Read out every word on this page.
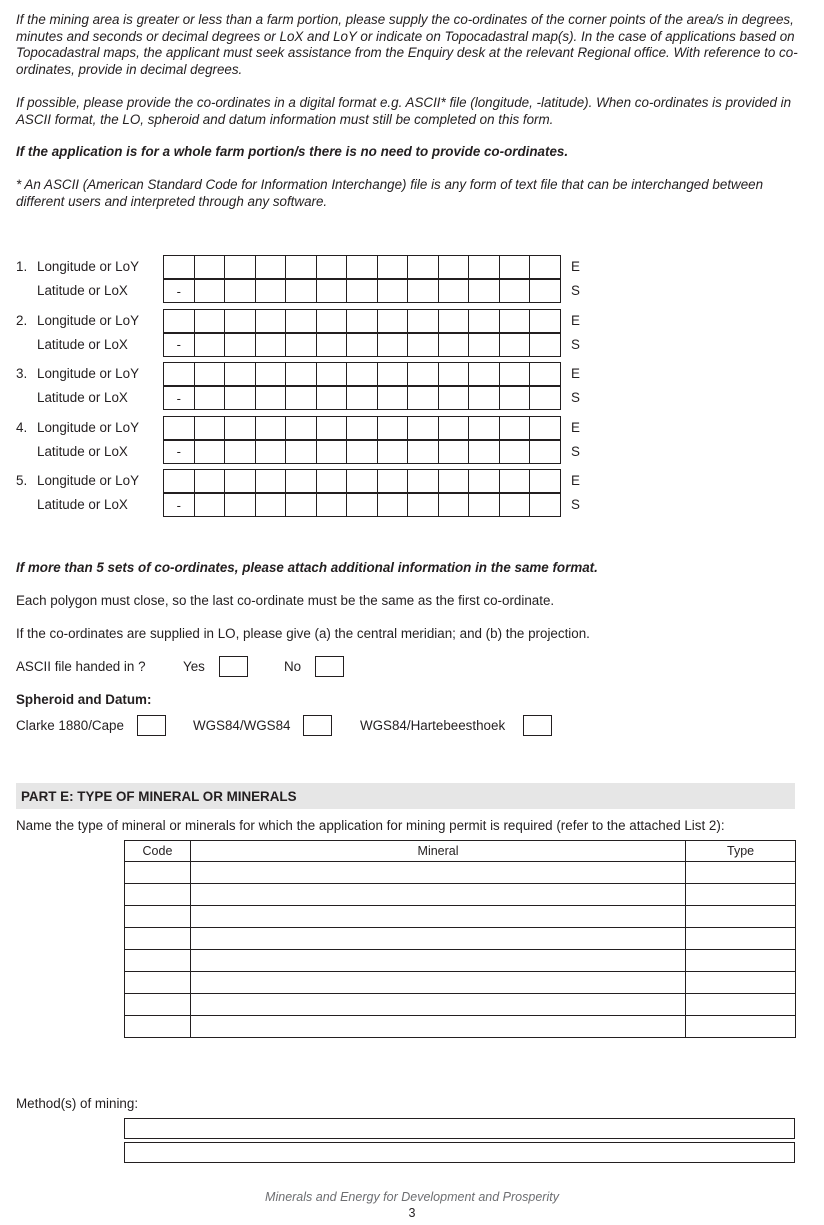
If the mining area is greater or less than a farm portion, please supply the co-ordinates of the corner points of the area/s in degrees, minutes and seconds or decimal degrees or LoX and LoY or indicate on Topocadastral map(s). In the case of applications based on Topocadastral maps, the applicant must seek assistance from the Enquiry desk at the relevant Regional office. With reference to co-ordinates, provide in decimal degrees.
If possible, please provide the co-ordinates in a digital format e.g. ASCII* file (longitude, -latitude). When co-ordinates is provided in ASCII format, the LO, spheroid and datum information must still be completed on this form.
If the application is for a whole farm portion/s there is no need to provide co-ordinates.
* An ASCII (American Standard Code for Information Interchange) file is any form of text file that can be interchanged between different users and interpreted through any software.
1. Longitude or LoY	E
Latitude or LoX	-	S
2. Longitude or LoY	E
Latitude or LoX	-	S
3. Longitude or LoY	E
Latitude or LoX	-	S
4. Longitude or LoY	E
Latitude or LoX	-	S
5. Longitude or LoY	E
Latitude or LoX	-	S
If more than 5 sets of co-ordinates, please attach additional information in the same format.
Each polygon must close, so the last co-ordinate must be the same as the first co-ordinate.
If the co-ordinates are supplied in LO, please give (a) the central meridian; and (b) the projection.
ASCII file handed in ?	Yes	No
Spheroid and Datum:
Clarke 1880/Cape	WGS84/WGS84	WGS84/Hartebeesthoek
PART E: TYPE OF MINERAL OR MINERALS
Name the type of mineral or minerals for which the application for mining permit is required (refer to the attached List 2):
Code	Mineral	Type

Method(s) of mining:
Minerals and Energy for Development and Prosperity
3
